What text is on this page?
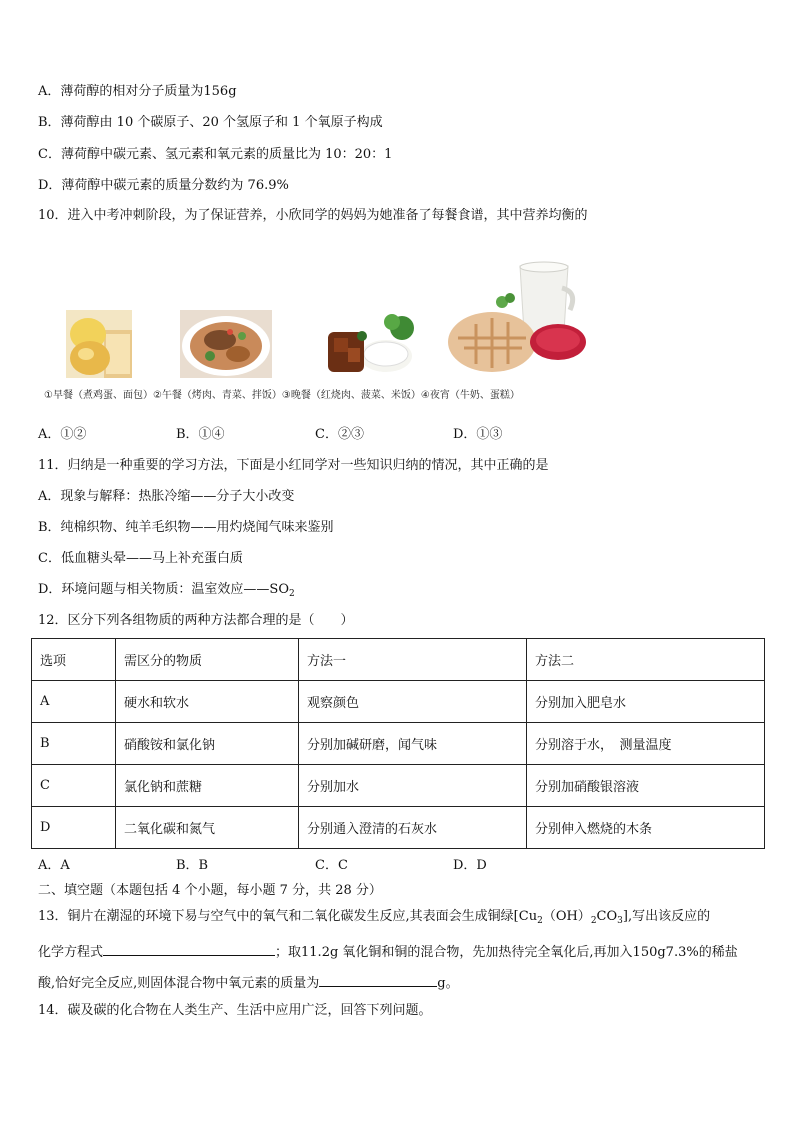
A．薄荷醇的相对分子质量为156g
B．薄荷醇由 10 个碳原子、20 个氢原子和 1 个氧原子构成
C．薄荷醇中碳元素、氢元素和氧元素的质量比为 10：20：1
D．薄荷醇中碳元素的质量分数约为 76.9%
10．进入中考冲刺阶段，为了保证营养，小欣同学的妈妈为她准备了每餐食谱，其中营养均衡的
①早餐（煮鸡蛋、面包）②午餐（烤肉、青菜、拌饭）③晚餐（红烧肉、菠菜、米饭）④夜宵（牛奶、蛋糕）
A．①②	B．①④	C．②③	D．①③
11．归纳是一种重要的学习方法，下面是小红同学对一些知识归纳的情况，其中正确的是
A．现象与解释：热胀冷缩——分子大小改变
B．纯棉织物、纯羊毛织物——用灼烧闻气味来鉴别
C．低血糖头晕——马上补充蛋白质
D．环境问题与相关物质：温室效应$——SO_2$
12．区分下列各组物质的两种方法都合理的是（　　）
选项	需区分的物质	方法一	方法二
A	硬水和软水	观察颜色	分别加入肥皂水
B	硝酸铵和氯化钠	分别加碱研磨，闻气味	分别溶于水，　测量温度
C	氯化钠和蔗糖	分别加水	分别加硝酸银溶液
D	二氧化碳和氮气	分别通入澄清的石灰水	分别伸入燃烧的木条
A．A	B．B	C．C	D．D
二、填空题（本题包括 4 个小题，每小题 7 分，共 28 分）
13．铜片在潮湿的环境下易与空气中的氧气和二氧化碳发生反应,其表面会生成铜绿$[Cu_2(OH)_2CO_3]$,写出该反应的
化学方程式	；取11.2g 氧化铜和铜的混合物，先加热待完全氧化后,再加入150g7.3%的稀盐
酸,恰好完全反应,则固体混合物中氧元素的质量为	g。
14．碳及碳的化合物在人类生产、生活中应用广泛，回答下列问题。
